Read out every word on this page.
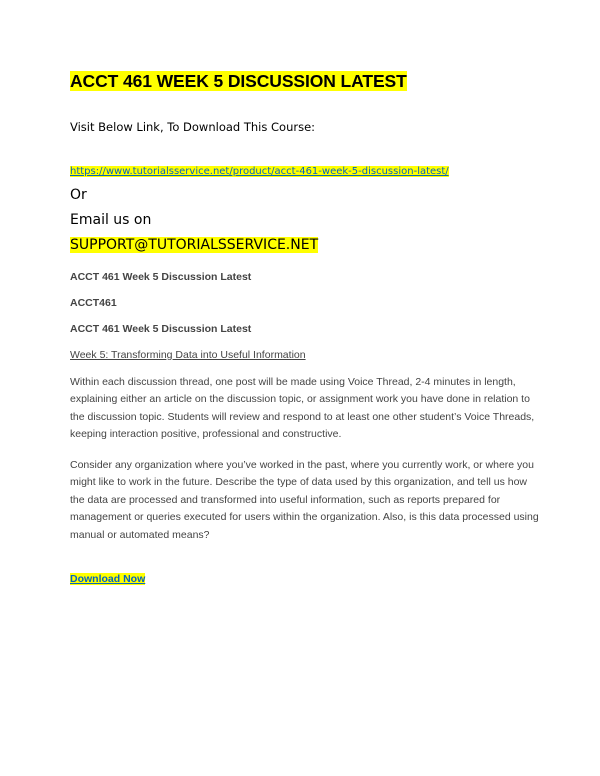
ACCT 461 WEEK 5 DISCUSSION LATEST
Visit Below Link, To Download This Course:
https://www.tutorialsservice.net/product/acct-461-week-5-discussion-latest/
Or
Email us on
SUPPORT@TUTORIALSSERVICE.NET
ACCT 461 Week 5 Discussion Latest
ACCT461
ACCT 461 Week 5 Discussion Latest
Week 5: Transforming Data into Useful Information
Within each discussion thread, one post will be made using Voice Thread, 2-4 minutes in length, explaining either an article on the discussion topic, or assignment work you have done in relation to the discussion topic. Students will review and respond to at least one other student’s Voice Threads, keeping interaction positive, professional and constructive.
Consider any organization where you’ve worked in the past, where you currently work, or where you might like to work in the future. Describe the type of data used by this organization, and tell us how the data are processed and transformed into useful information, such as reports prepared for management or queries executed for users within the organization. Also, is this data processed using manual or automated means?
Download Now
